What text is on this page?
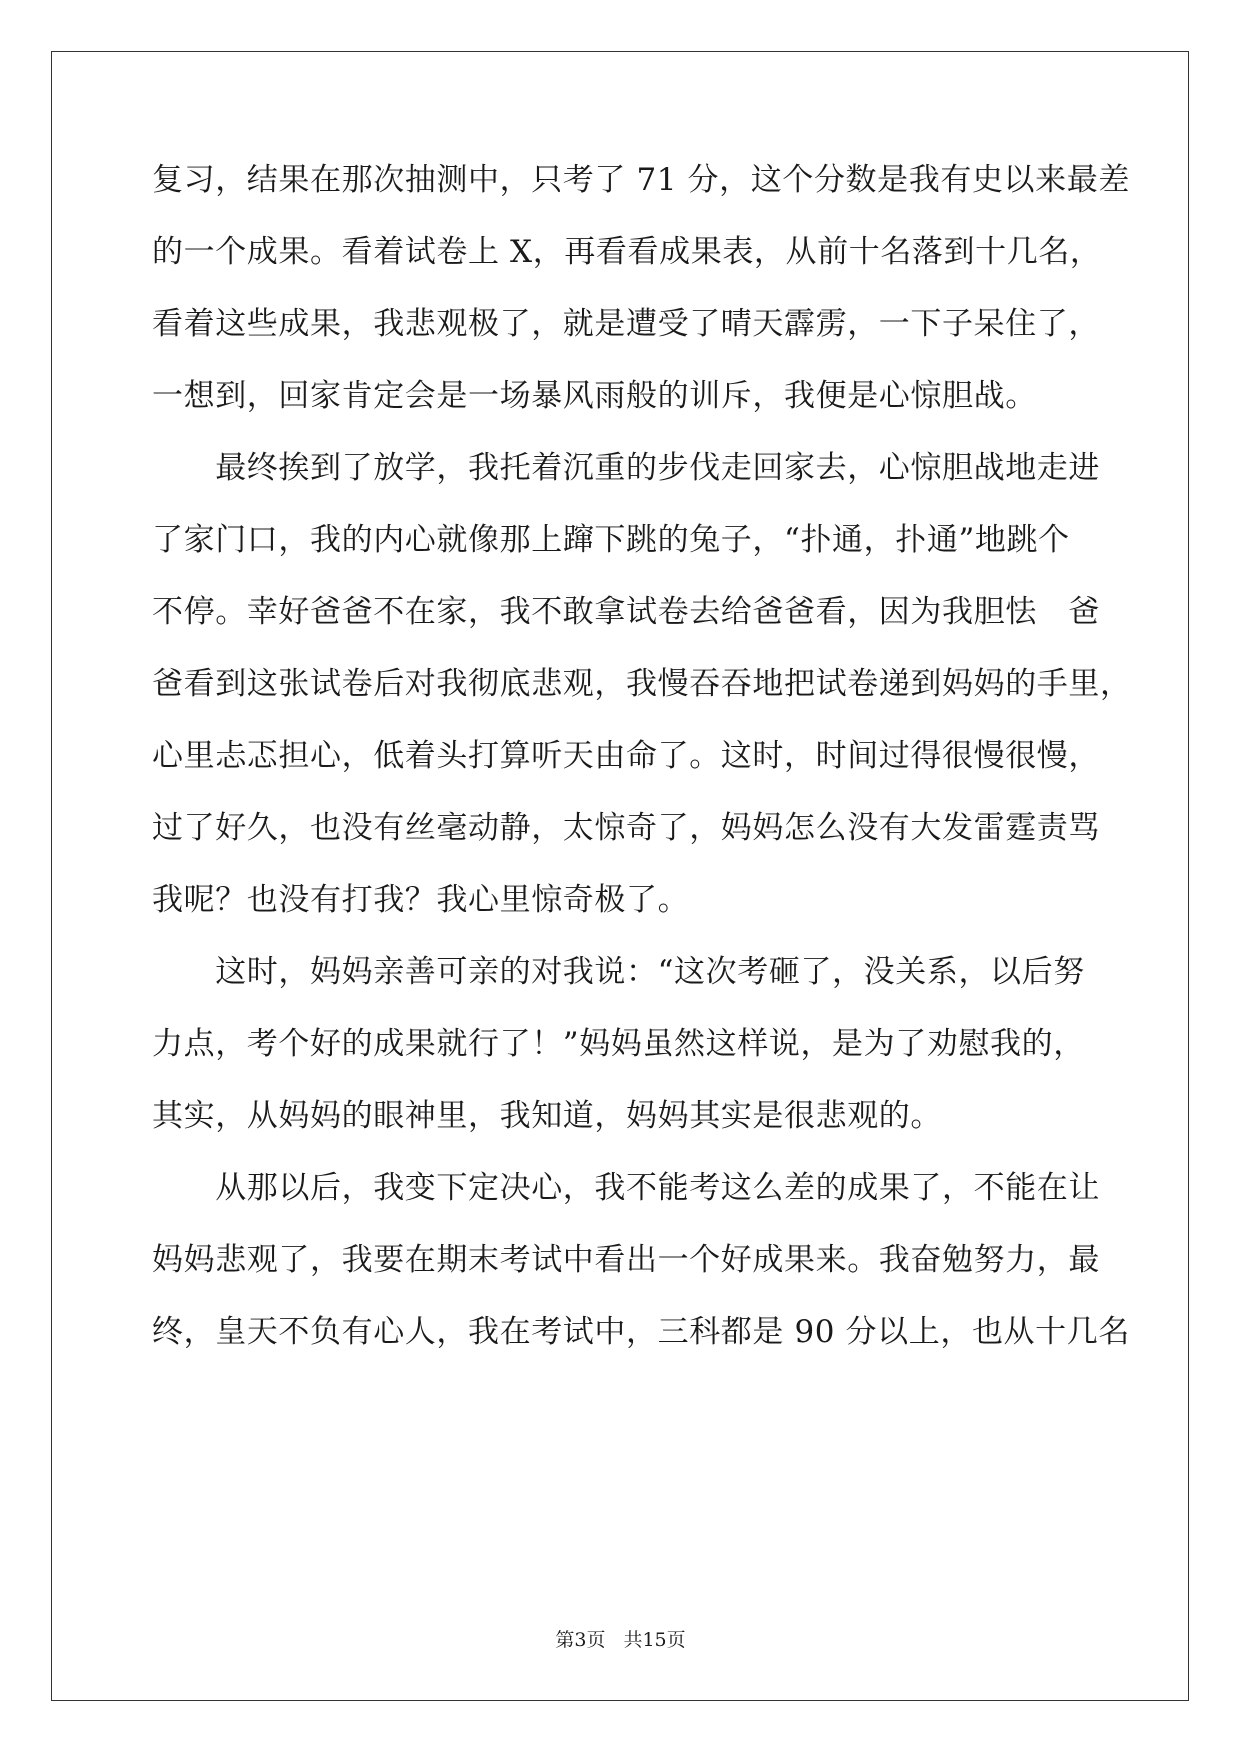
复习，结果在那次抽测中，只考了 71 分，这个分数是我有史以来最差
的一个成果。看着试卷上 X，再看看成果表，从前十名落到十几名，
看着这些成果，我悲观极了，就是遭受了晴天霹雳，一下子呆住了，
一想到，回家肯定会是一场暴风雨般的训斥，我便是心惊胆战。
　　最终挨到了放学，我托着沉重的步伐走回家去，心惊胆战地走进
了家门口，我的内心就像那上蹿下跳的兔子，“扑通，扑通”地跳个
不停。幸好爸爸不在家，我不敢拿试卷去给爸爸看，因为我胆怯　爸
爸看到这张试卷后对我彻底悲观，我慢吞吞地把试卷递到妈妈的手里，
心里忐忑担心，低着头打算听天由命了。这时，时间过得很慢很慢，
过了好久，也没有丝毫动静，太惊奇了，妈妈怎么没有大发雷霆责骂
我呢？也没有打我？我心里惊奇极了。
　　这时，妈妈亲善可亲的对我说：“这次考砸了，没关系，以后努
力点，考个好的成果就行了！”妈妈虽然这样说，是为了劝慰我的，
其实，从妈妈的眼神里，我知道，妈妈其实是很悲观的。
　　从那以后，我变下定决心，我不能考这么差的成果了，不能在让
妈妈悲观了，我要在期末考试中看出一个好成果来。我奋勉努力，最
终，皇天不负有心人，我在考试中，三科都是 90 分以上，也从十几名
第3页 共15页
